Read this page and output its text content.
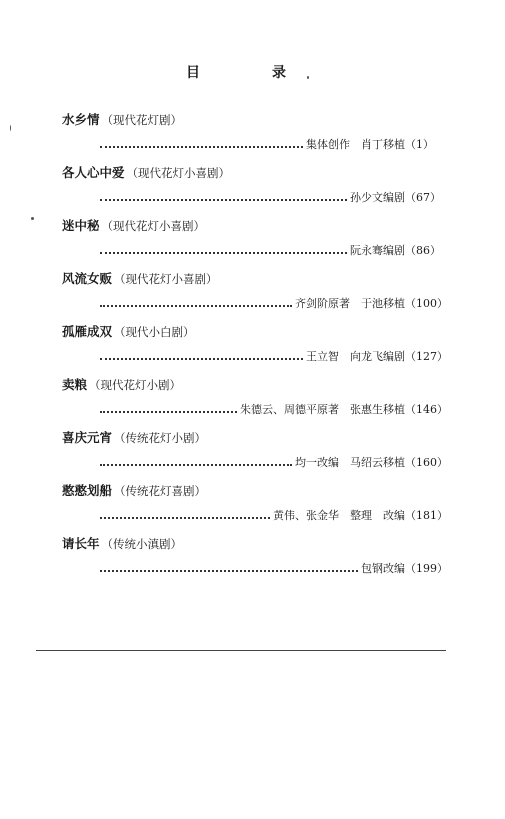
目	录
水乡情 （现代花灯剧）
集体创作　肖丁移植 （1）
各人心中爱 （现代花灯小喜剧）
孙少文编剧 （67）
迷中秘 （现代花灯小喜剧）
阮永骞编剧 （86）
风流女贩 （现代花灯小喜剧）
齐剑阶原著　于池移植 （100）
孤雁成双 （现代小白剧）
王立智　向龙飞编剧 （127）
卖粮 （现代花灯小剧）
朱德云、周德平原著　张惠生移植 （146）
喜庆元宵 （传统花灯小剧）
均一改编　马绍云移植 （160）
憨憨划船 （传统花灯喜剧）
黄伟、张金华　整理　改编 （181）
请长年 （传统小滇剧）
包钢改编 （199）
